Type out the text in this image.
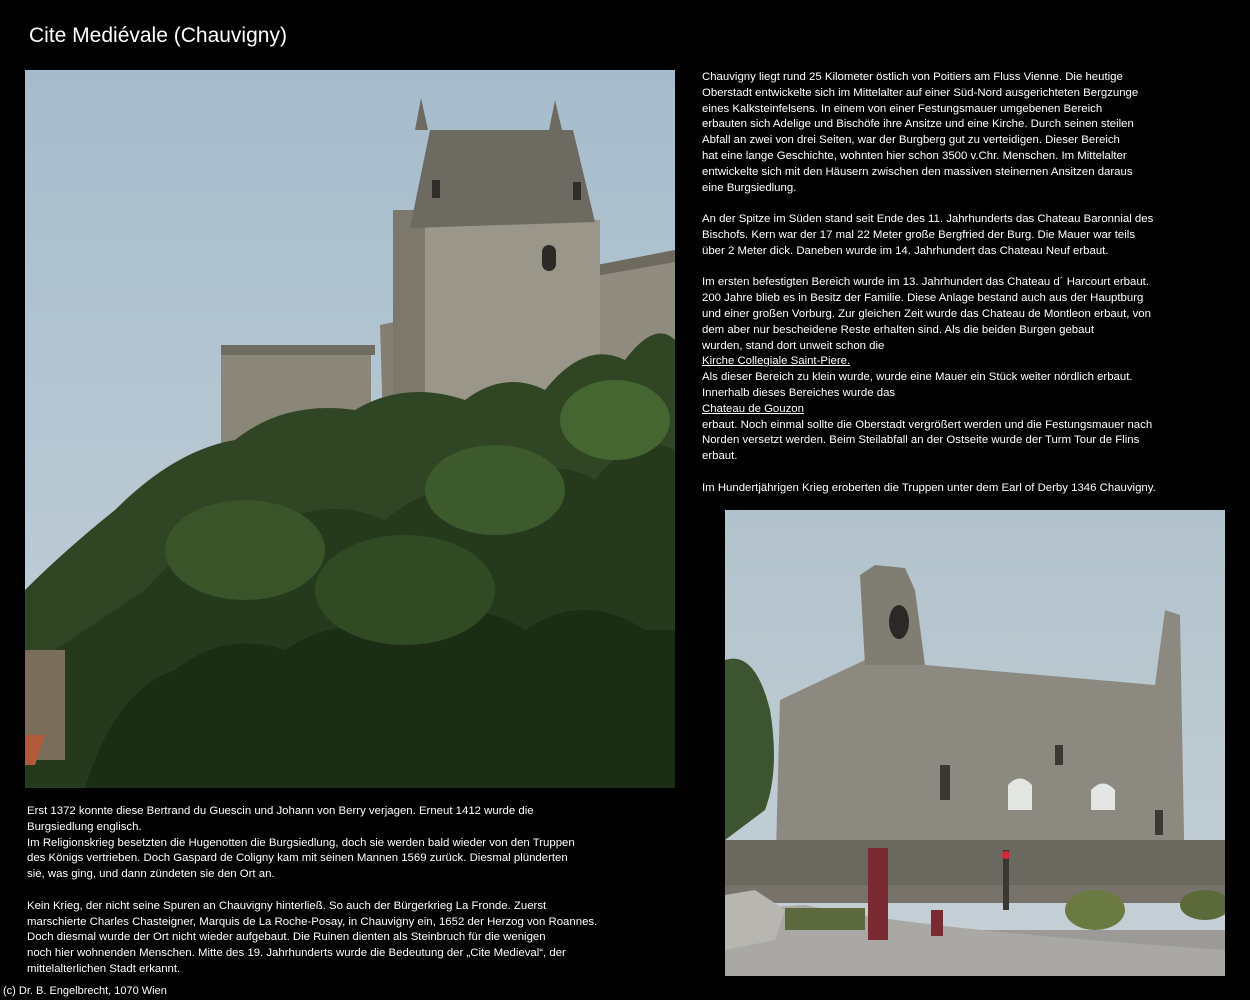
Cite Mediévale (Chauvigny)

Chauvigny liegt rund 25 Kilometer östlich von Poitiers am Fluss Vienne. Die heutige
Oberstadt entwickelte sich im Mittelalter auf einer Süd-Nord ausgerichteten Bergzunge
eines Kalksteinfelsens. In einem von einer Festungsmauer umgebenen Bereich
erbauten sich Adelige und Bischöfe ihre Ansitze und eine Kirche. Durch seinen steilen
Abfall an zwei von drei Seiten, war der Burgberg gut zu verteidigen. Dieser Bereich
hat eine lange Geschichte, wohnten hier schon 3500 v.Chr. Menschen. Im Mittelalter
entwickelte sich mit den Häusern zwischen den massiven steinernen Ansitzen daraus
eine Burgsiedlung.

An der Spitze im Süden stand seit Ende des 11. Jahrhunderts das Chateau Baronnial des
Bischofs. Kern war der 17 mal 22 Meter große Bergfried der Burg. Die Mauer war teils
über 2 Meter dick. Daneben wurde im 14. Jahrhundert das Chateau Neuf erbaut.

Im ersten befestigten Bereich wurde im 13. Jahrhundert das Chateau d´ Harcourt erbaut.
200 Jahre blieb es in Besitz der Familie. Diese Anlage bestand auch aus der Hauptburg
und einer großen Vorburg. Zur gleichen Zeit wurde das Chateau de Montleon erbaut, von
dem aber nur bescheidene Reste erhalten sind. Als die beiden Burgen gebaut
wurden, stand dort unweit schon die
Kirche Collegiale Saint-Piere.
Als dieser Bereich zu klein wurde, wurde eine Mauer ein Stück weiter nördlich erbaut.
Innerhalb dieses Bereiches wurde das
Chateau de Gouzon
erbaut. Noch einmal sollte die Oberstadt vergrößert werden und die Festungsmauer nach
Norden versetzt werden. Beim Steilabfall an der Ostseite wurde der Turm Tour de Flins
erbaut.

Im Hundertjährigen Krieg eroberten die Truppen unter dem Earl of Derby 1346 Chauvigny.

Erst 1372 konnte diese Bertrand du Guescin und Johann von Berry verjagen. Erneut 1412 wurde die
Burgsiedlung englisch.
Im Religionskrieg besetzten die Hugenotten die Burgsiedlung, doch sie werden bald wieder von den Truppen
des Königs vertrieben. Doch Gaspard de Coligny kam mit seinen Mannen 1569 zurück. Diesmal plünderten
sie, was ging, und dann zündeten sie den Ort an.

Kein Krieg, der nicht seine Spuren an Chauvigny hinterließ. So auch der Bürgerkrieg La Fronde. Zuerst
marschierte Charles Chasteigner, Marquis de La Roche-Posay, in Chauvigny ein, 1652 der Herzog von Roannes.
Doch diesmal wurde der Ort nicht wieder aufgebaut. Die Ruinen dienten als Steinbruch für die wenigen
noch hier wohnenden Menschen. Mitte des 19. Jahrhunderts wurde die Bedeutung der „Cite Medieval“, der
mittelalterlichen Stadt erkannt.

(c) Dr. B. Engelbrecht, 1070 Wien
